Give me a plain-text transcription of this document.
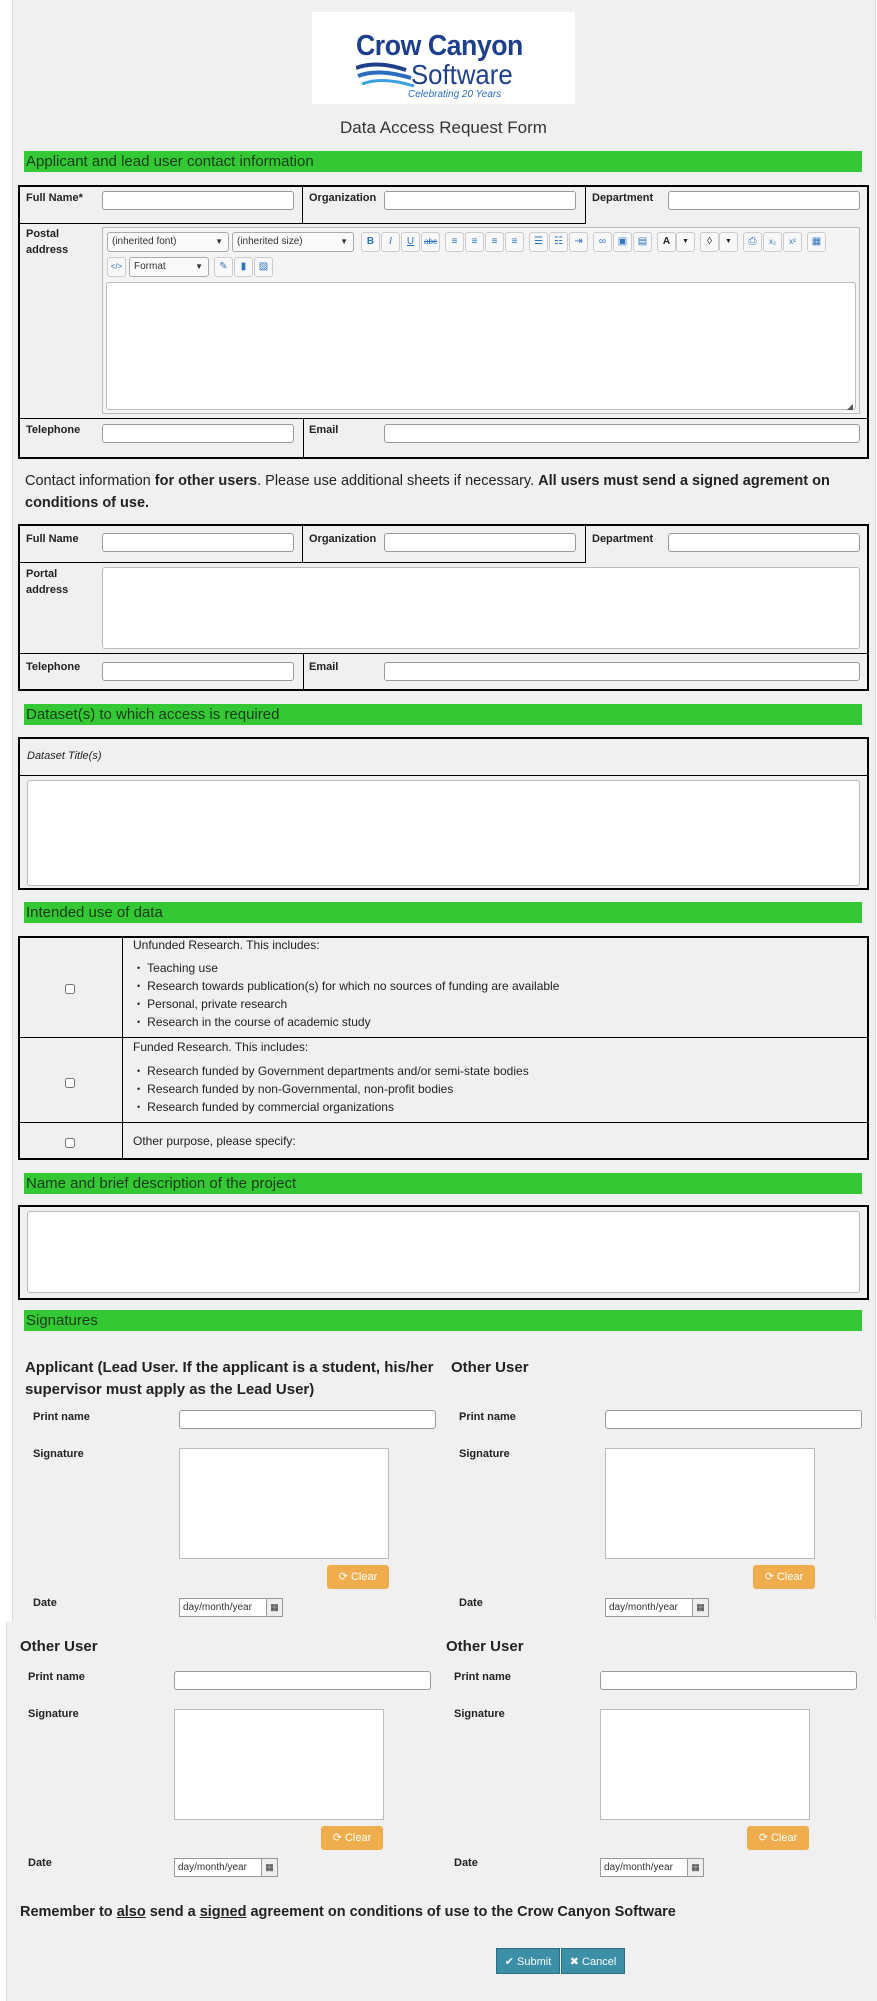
Crow Canyon
Software
Celebrating 20 Years
Data Access Request Form
Applicant and lead user contact information
Full Name*	Organization	Department
Postal
address
(inherited font)	▼	(inherited size)	▼	B	I	U	abc	≡	≡	≡	≡	☰	☷	⇥	∞	▣	▤	A	▼	◊	▼	⎙	x₂	x²	▦
</>	Format	▼	✎	▮	▧
◢
Telephone	Email
Contact information for other users. Please use additional sheets if necessary. All users must send a signed agrement on conditions of use.
Full Name	Organization	Department
Portal
address
Telephone	Email
Dataset(s) to which access is required
Dataset Title(s)
Intended use of data
Unfunded Research. This includes:
• Teaching use
• Research towards publication(s) for which no sources of funding are available
• Personal, private research
• Research in the course of academic study
Funded Research. This includes:
• Research funded by Government departments and/or semi-state bodies
• Research funded by non-Governmental, non-profit bodies
• Research funded by commercial organizations
Other purpose, please specify:
Name and brief description of the project
Signatures
Applicant (Lead User. If the applicant is a student, his/her supervisor must apply as the Lead User)
Other User
Print name
Signature
⟳ Clear
Date	day/month/year	▦
Print name
Signature
⟳ Clear
Date	day/month/year	▦
Other User	Other User
Print name
Signature
⟳ Clear
Date	day/month/year	▦
Print name
Signature
⟳ Clear
Date	day/month/year	▦
Remember to also send a signed agreement on conditions of use to the Crow Canyon Software
✔ Submit	✖ Cancel
